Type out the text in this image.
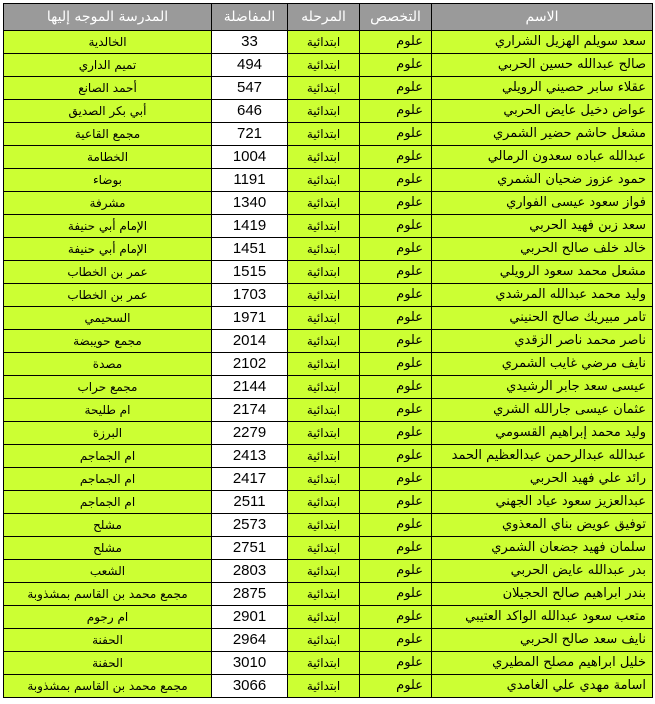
الاسم	التخصص	المرحله	المفاضلة	المدرسة الموجه إليها
سعد سويلم الهزيل الشراري	علوم	ابتدائية	33	الخالدية
صالح عبدالله حسين الحربي	علوم	ابتدائية	494	تميم الداري
عقلاء سابر حصيني الرويلي	علوم	ابتدائية	547	أحمد الصانع
عواض دخيل عايض الحربي	علوم	ابتدائية	646	أبي بكر الصديق
مشعل حاشم حضير الشمري	علوم	ابتدائية	721	مجمع القاعية
عبدالله عباده سعدون الرمالي	علوم	ابتدائية	1004	الخطامة
حمود عزوز ضحيان الشمري	علوم	ابتدائية	1191	بوضاء
فواز سعود عيسى الفواري	علوم	ابتدائية	1340	مشرفة
سعد زبن فهيد الحربي	علوم	ابتدائية	1419	الإمام أبي حنيفة
خالد خلف صالح الحربي	علوم	ابتدائية	1451	الإمام أبي حنيفة
مشعل محمد سعود الرويلي	علوم	ابتدائية	1515	عمر بن الخطاب
وليد محمد عبدالله المرشدي	علوم	ابتدائية	1703	عمر بن الخطاب
تامر مبيريك صالح الحنيني	علوم	ابتدائية	1971	السحيمي
ناصر محمد ناصر الزقدي	علوم	ابتدائية	2014	مجمع حويبضة
نايف مرضي غايب الشمري	علوم	ابتدائية	2102	مصدة
عيسى سعد جابر الرشيدي	علوم	ابتدائية	2144	مجمع حراب
عثمان عيسى جارالله الشري	علوم	ابتدائية	2174	ام طليحة
وليد محمد إبراهيم القسومي	علوم	ابتدائية	2279	البرزة
عبدالله عبدالرحمن عبدالعظيم الحمد	علوم	ابتدائية	2413	ام الجماجم
رائد علي فهيد الحربي	علوم	ابتدائية	2417	ام الجماجم
عبدالعزيز سعود عياد الجهني	علوم	ابتدائية	2511	ام الجماجم
توفيق عويض بناي المعذوي	علوم	ابتدائية	2573	مشلح
سلمان فهيد جضعان الشمري	علوم	ابتدائية	2751	مشلح
بدر عبدالله عايض الحربي	علوم	ابتدائية	2803	الشعب
بندر ابراهيم صالح الحجيلان	علوم	ابتدائية	2875	مجمع محمد بن القاسم بمشذوبة
متعب سعود عبدالله الواكد العتيبي	علوم	ابتدائية	2901	ام رجوم
نايف سعد صالح الحربي	علوم	ابتدائية	2964	الحفنة
خليل ابراهيم مصلح المطيري	علوم	ابتدائية	3010	الحفنة
اسامة مهدي علي الغامدي	علوم	ابتدائية	3066	مجمع محمد بن القاسم بمشذوبة
